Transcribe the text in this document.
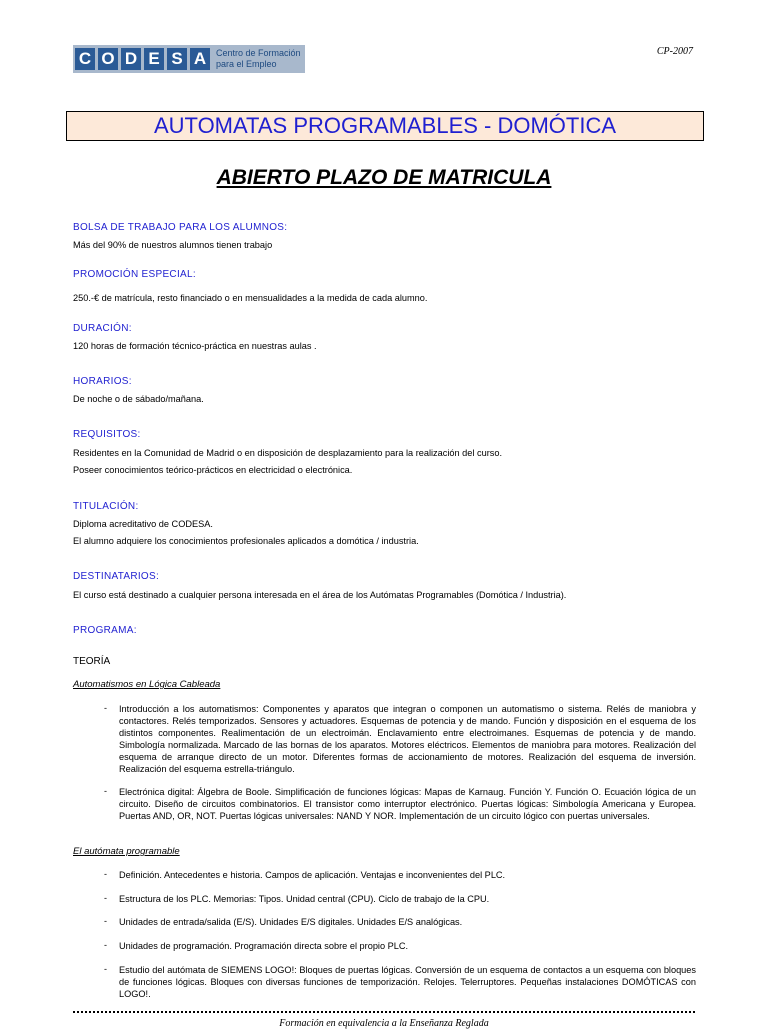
C O D E S A	Centro de Formación
para el Empleo
CP-2007
AUTOMATAS PROGRAMABLES - DOMÓTICA
ABIERTO PLAZO DE MATRICULA
BOLSA DE TRABAJO PARA LOS ALUMNOS:
Más del 90% de nuestros alumnos tienen trabajo
PROMOCIÓN ESPECIAL:
250.-€ de matrícula, resto financiado o en mensualidades a la medida de cada alumno.
DURACIÓN:
120 horas de formación técnico-práctica en nuestras aulas .
HORARIOS:
De noche o de sábado/mañana.
REQUISITOS:
Residentes en la Comunidad de Madrid o en disposición de desplazamiento para la realización del curso.
Poseer conocimientos teórico-prácticos en electricidad o electrónica.
TITULACIÓN:
Diploma acreditativo de CODESA.
El alumno adquiere los conocimientos profesionales aplicados a domótica / industria.
DESTINATARIOS:
El curso está destinado a cualquier persona interesada en el área de los Autómatas Programables (Domótica / Industria).
PROGRAMA:
TEORÍA
Automatismos en Lógica Cableada
- Introducción a los automatismos: Componentes y aparatos que integran o componen un automatismo o sistema. Relés de maniobra y contactores. Relés temporizados. Sensores y actuadores. Esquemas de potencia y de mando. Función y disposición en el esquema de los distintos componentes. Realimentación de un electroimán. Enclavamiento entre electroimanes. Esquemas de potencia y de mando. Simbología normalizada. Marcado de las bornas de los aparatos. Motores eléctricos. Elementos de maniobra para motores. Realización del esquema de arranque directo de un motor. Diferentes formas de accionamiento de motores. Realización del esquema de inversión. Realización del esquema estrella-triángulo.
- Electrónica digital: Álgebra de Boole. Simplificación de funciones lógicas: Mapas de Karnaug. Función Y. Función O. Ecuación lógica de un circuito. Diseño de circuitos combinatorios. El transistor como interruptor electrónico. Puertas lógicas: Simbología Americana y Europea. Puertas AND, OR, NOT. Puertas lógicas universales: NAND Y NOR. Implementación de un circuito lógico con puertas universales.
El autómata programable
- Definición. Antecedentes e historia. Campos de aplicación. Ventajas e inconvenientes del PLC.
- Estructura de los PLC. Memorias: Tipos. Unidad central (CPU). Ciclo de trabajo de la CPU.
- Unidades de entrada/salida (E/S). Unidades E/S digitales. Unidades E/S analógicas.
- Unidades de programación. Programación directa sobre el propio PLC.
- Estudio del autómata de SIEMENS LOGO!: Bloques de puertas lógicas. Conversión de un esquema de contactos a un esquema con bloques de funciones lógicas. Bloques con diversas funciones de temporización. Relojes. Telerruptores. Pequeñas instalaciones DOMÓTICAS con LOGO!.
Formación en equivalencia a la Enseñanza Reglada
